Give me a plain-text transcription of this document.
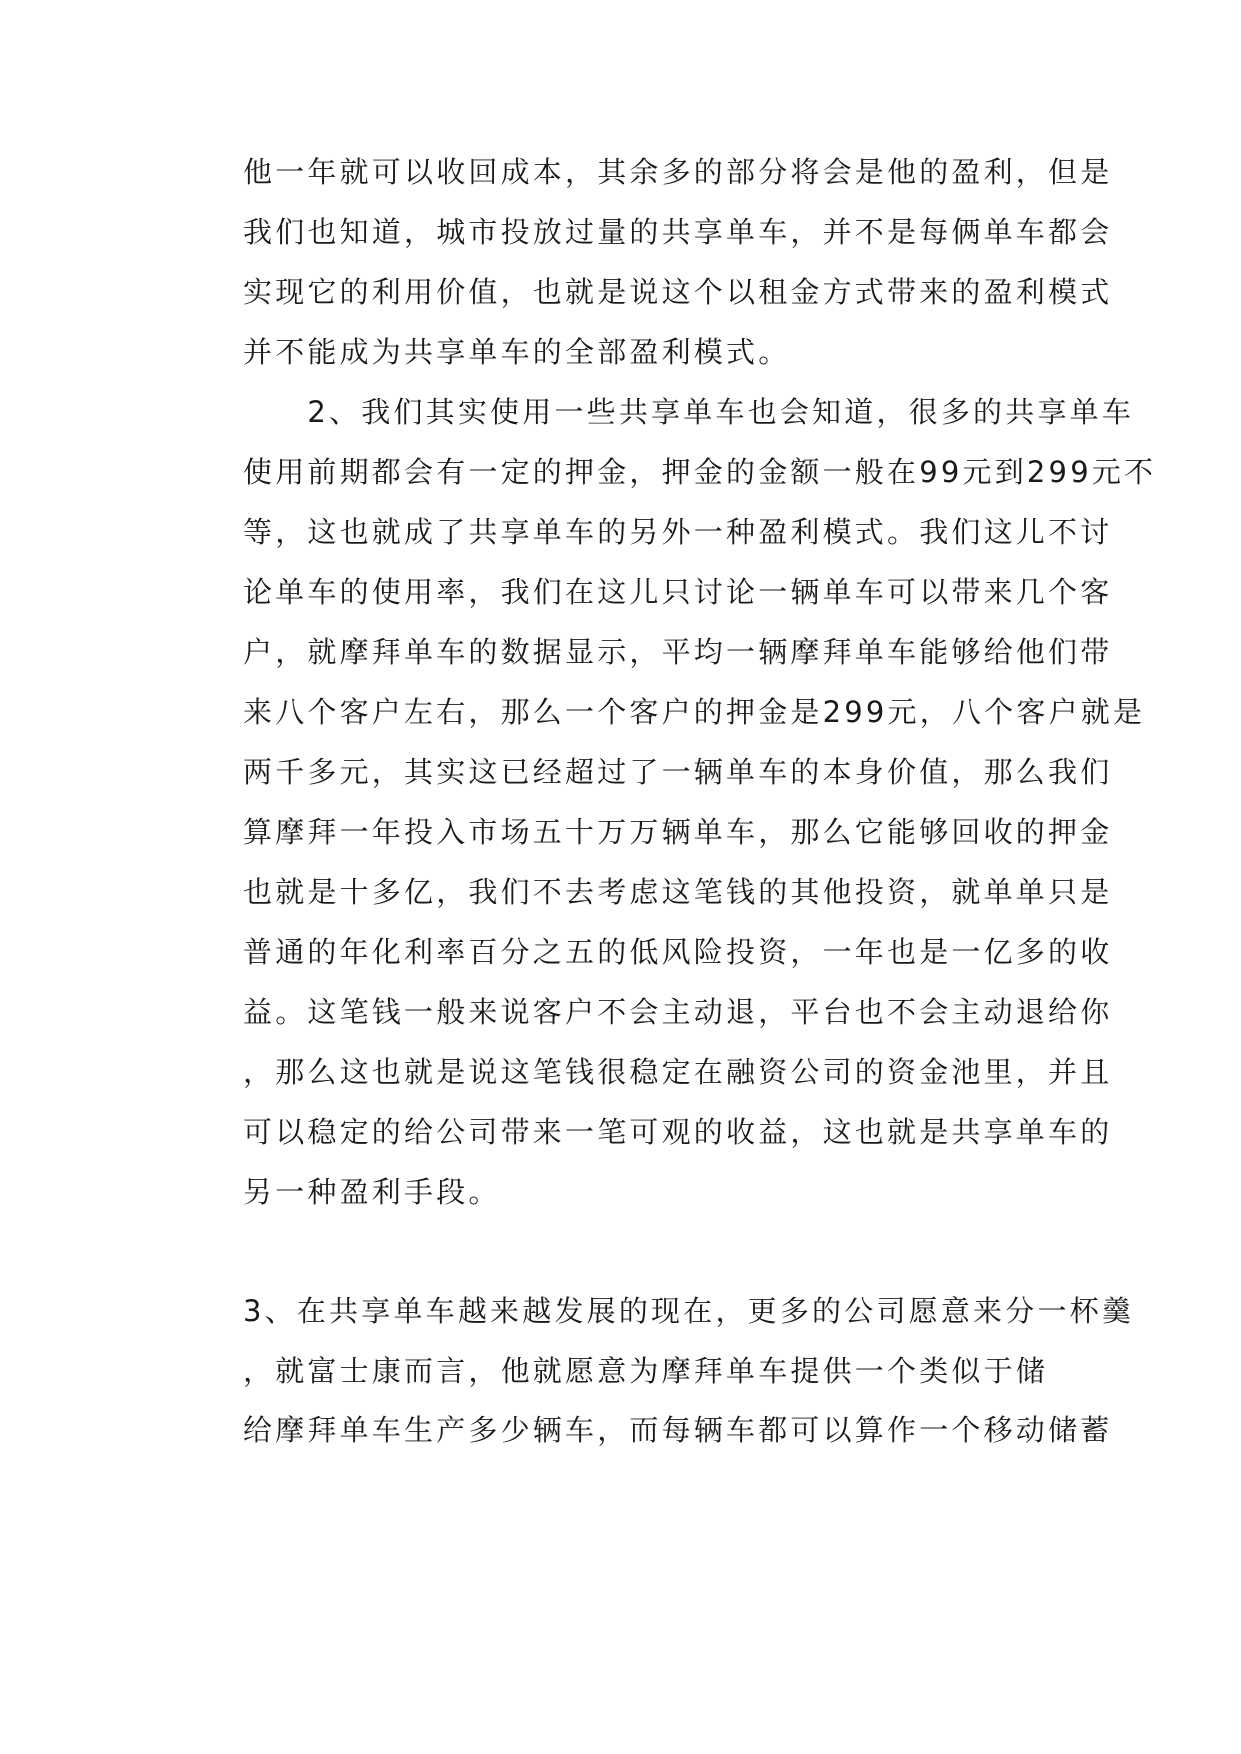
他一年就可以收回成本，其余多的部分将会是他的盈利，但是

我们也知道，城市投放过量的共享单车，并不是每俩单车都会

实现它的利用价值，也就是说这个以租金方式带来的盈利模式

并不能成为共享单车的全部盈利模式。

　　2、我们其实使用一些共享单车也会知道，很多的共享单车

使用前期都会有一定的押金，押金的金额一般在99元到299元不

等，这也就成了共享单车的另外一种盈利模式。我们这儿不讨

论单车的使用率，我们在这儿只讨论一辆单车可以带来几个客

户，就摩拜单车的数据显示，平均一辆摩拜单车能够给他们带

来八个客户左右，那么一个客户的押金是299元，八个客户就是

两千多元，其实这已经超过了一辆单车的本身价值，那么我们

算摩拜一年投入市场五十万万辆单车，那么它能够回收的押金

也就是十多亿，我们不去考虑这笔钱的其他投资，就单单只是

普通的年化利率百分之五的低风险投资，一年也是一亿多的收

益。这笔钱一般来说客户不会主动退，平台也不会主动退给你

，那么这也就是说这笔钱很稳定在融资公司的资金池里，并且

可以稳定的给公司带来一笔可观的收益，这也就是共享单车的

另一种盈利手段。

3、在共享单车越来越发展的现在，更多的公司愿意来分一杯羹

，就富士康而言，他就愿意为摩拜单车提供一个类似于储

给摩拜单车生产多少辆车，而每辆车都可以算作一个移动储蓄
